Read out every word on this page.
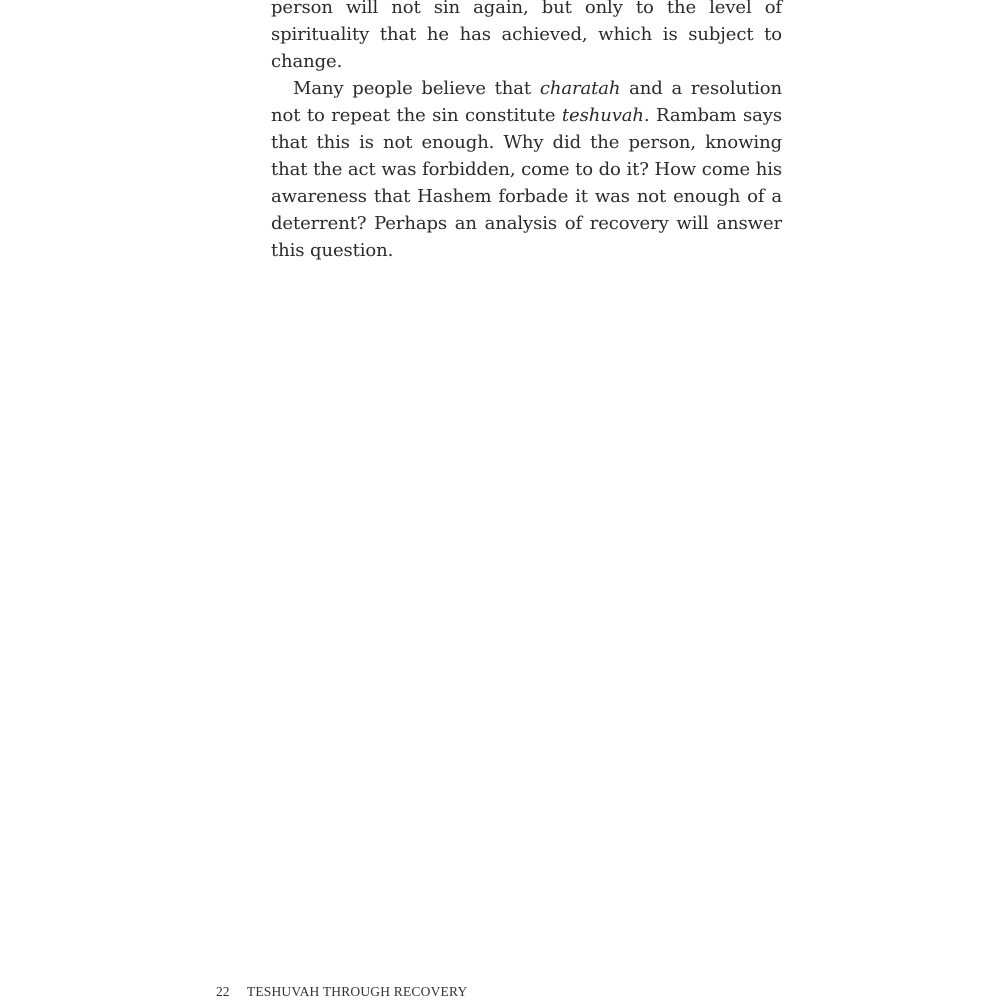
person will not sin again, but only to the level of spirituality that he has achieved, which is subject to change.

Many people believe that charatah and a resolution not to repeat the sin constitute teshuvah. Rambam says that this is not enough. Why did the person, knowing that the act was forbidden, come to do it? How come his awareness that Hashem forbade it was not enough of a deterrent? Perhaps an analysis of recovery will answer this question.

22 TESHUVAH THROUGH RECOVERY
